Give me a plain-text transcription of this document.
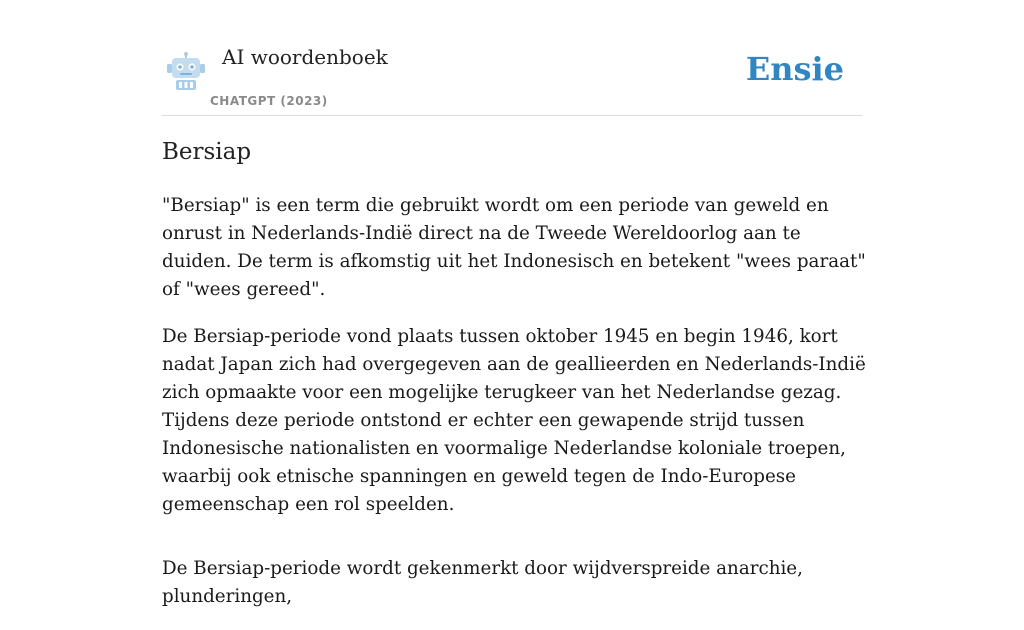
AI woordenboek
CHATGPT (2023)
Ensie
Bersiap

"Bersiap" is een term die gebruikt wordt om een periode van geweld en onrust in Nederlands-Indië direct na de Tweede Wereldoorlog aan te duiden. De term is afkomstig uit het Indonesisch en betekent "wees paraat" of "wees gereed".

De Bersiap-periode vond plaats tussen oktober 1945 en begin 1946, kort nadat Japan zich had overgegeven aan de geallieerden en Nederlands-Indië zich opmaakte voor een mogelijke terugkeer van het Nederlandse gezag. Tijdens deze periode ontstond er echter een gewapende strijd tussen Indonesische nationalisten en voormalige Nederlandse koloniale troepen, waarbij ook etnische spanningen en geweld tegen de Indo-Europese gemeenschap een rol speelden.

De Bersiap-periode wordt gekenmerkt door wijdverspreide anarchie, plunderingen,
